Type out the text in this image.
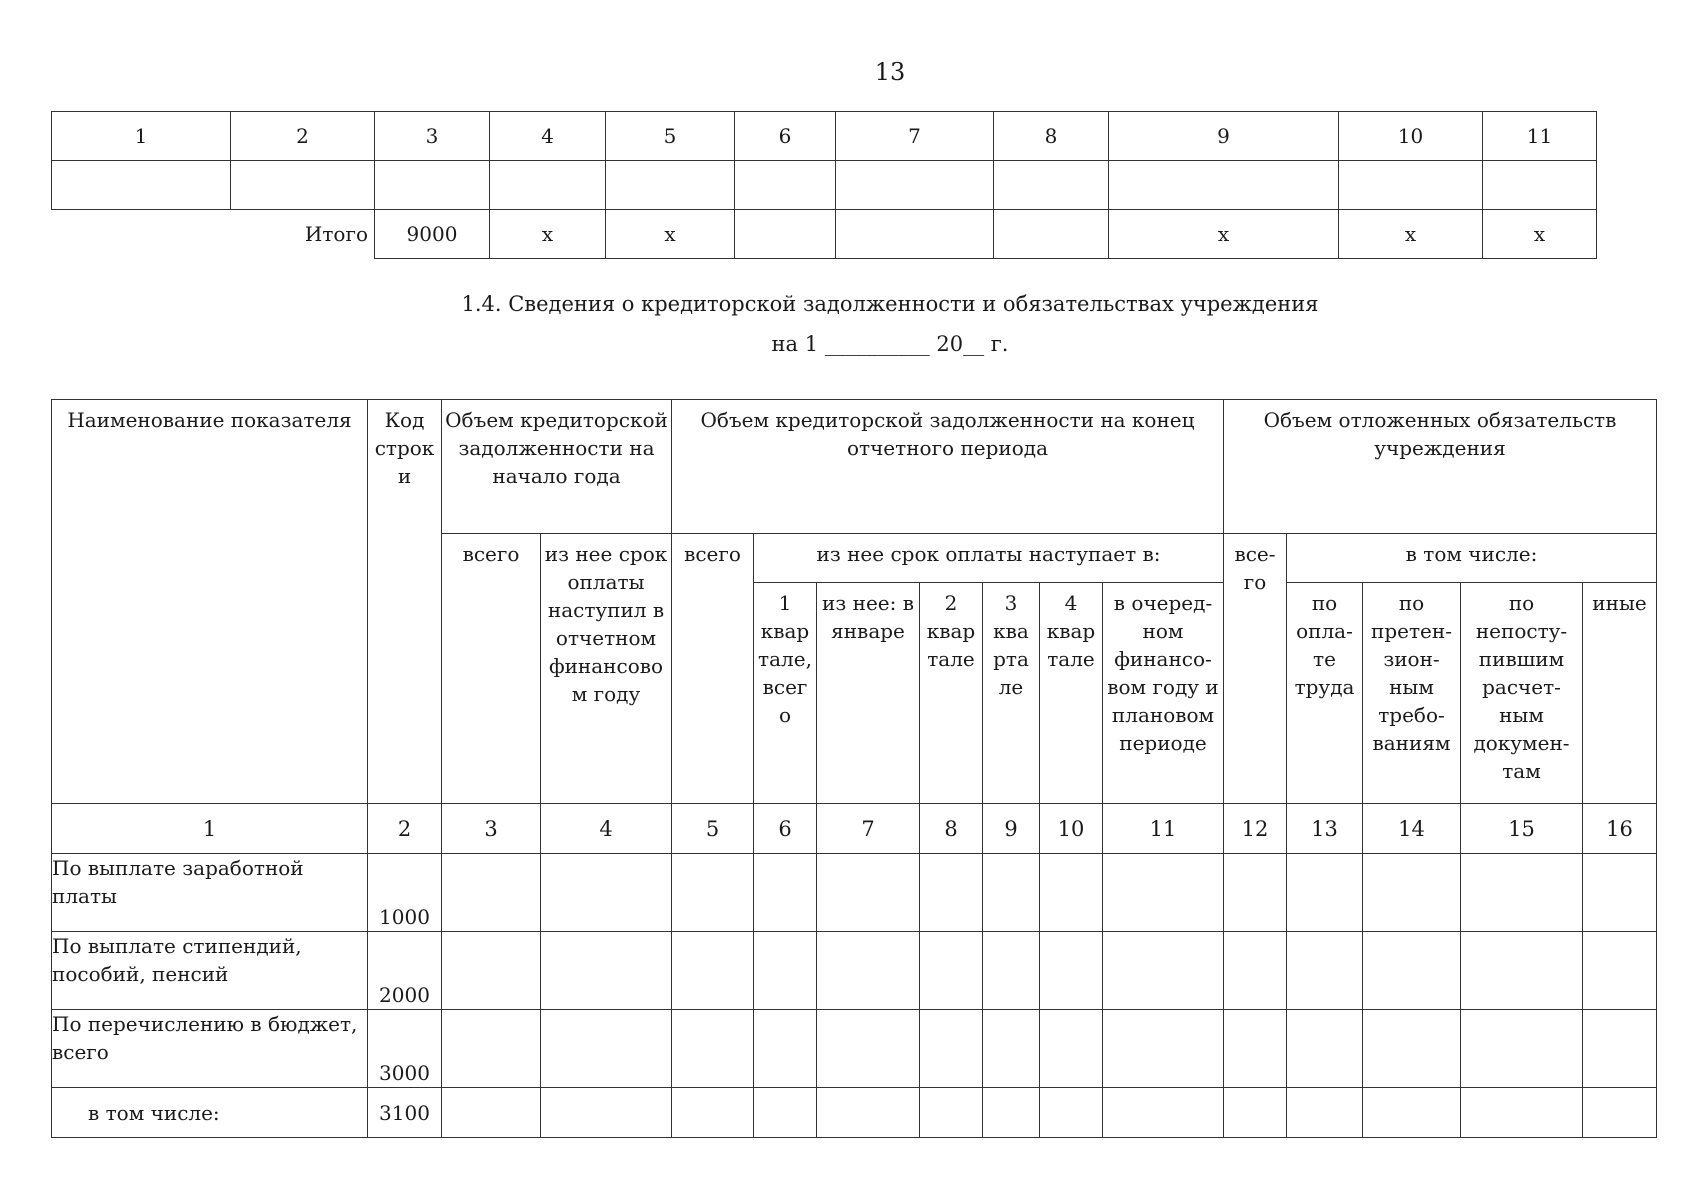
13
1	2	3	4	5	6	7	8	9	10	11

	Итого	9000	х	х				х	х	х
1.4. Сведения о кредиторской задолженности и обязательствах учреждения
на 1 __________ 20__ г.
Наименование показателя	Код строк и	Объем кредиторской задолженности на начало года		Объем кредиторской задолженности на конец отчетного периода							Объем отложенных обязательств учреждения				
		всего	из нее срок оплаты наступил в отчетном финансово м году	всего	из нее срок оплаты наступает в:						все- го	в том числе:			
					1 квар тале, всег о	из нее: в январе	2 квар тале	3 ква рта ле	4 квар тале	в очеред- ном финансо- вом году и плановом периоде		по опла- те труда	по претен- зион- ным требо- ваниям	по непосту- пившим расчет- ным докумен- там	иные
1	2	3	4	5	6	7	8	9	10	11	12	13	14	15	16
По выплате заработной платы	1000														
По выплате стипендий, пособий, пенсий	2000														
По перечислению в бюджет, всего	3000														
в том числе:	3100														
